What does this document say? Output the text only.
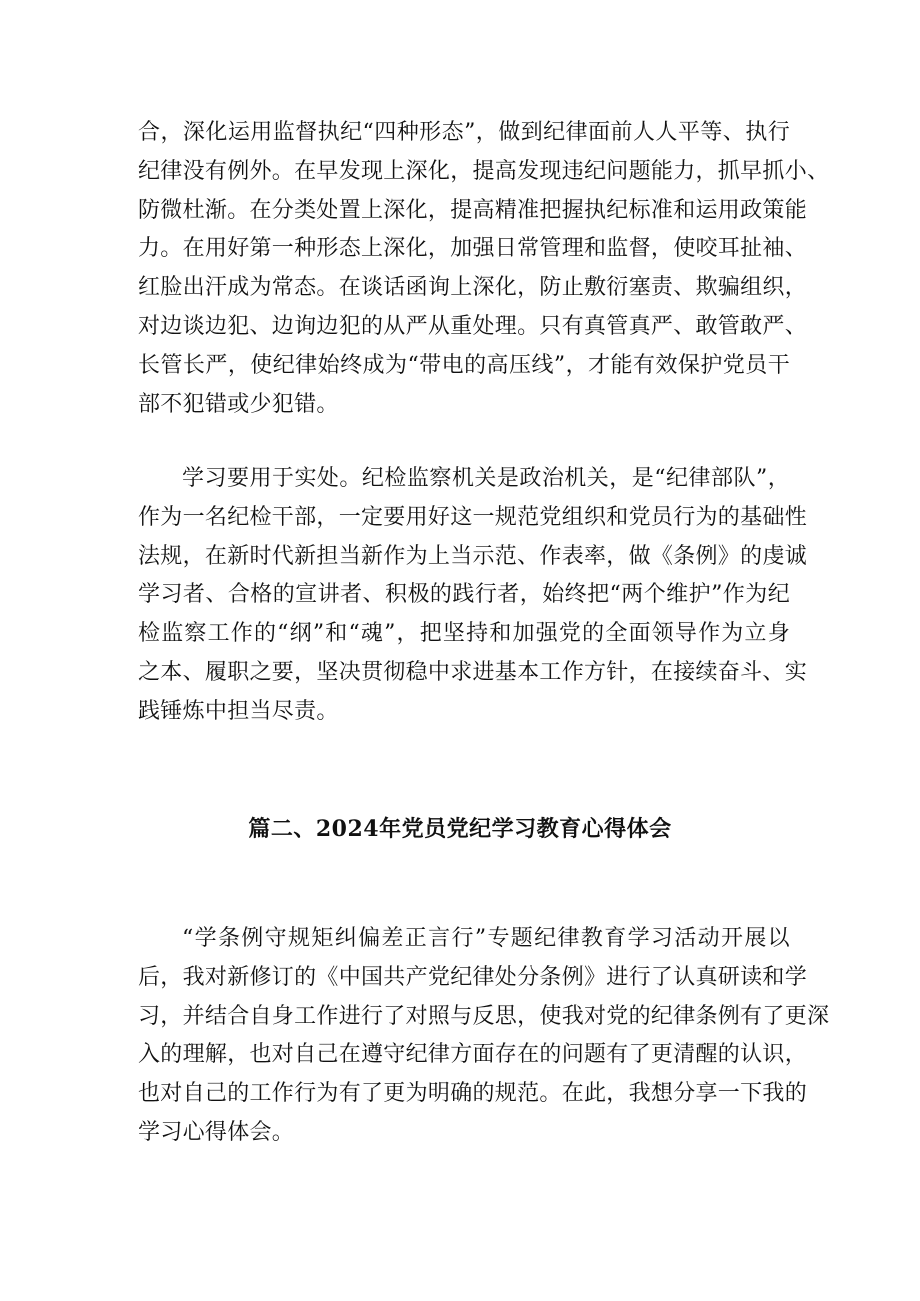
合，深化运用监督执纪“四种形态”，做到纪律面前人人平等、执行
纪律没有例外。在早发现上深化，提高发现违纪问题能力，抓早抓小、
防微杜渐。在分类处置上深化，提高精准把握执纪标准和运用政策能
力。在用好第一种形态上深化，加强日常管理和监督，使咬耳扯袖、
红脸出汗成为常态。在谈话函询上深化，防止敷衍塞责、欺骗组织，
对边谈边犯、边询边犯的从严从重处理。只有真管真严、敢管敢严、
长管长严，使纪律始终成为“带电的高压线”，才能有效保护党员干
部不犯错或少犯错。
学习要用于实处。纪检监察机关是政治机关，是“纪律部队”，
作为一名纪检干部，一定要用好这一规范党组织和党员行为的基础性
法规，在新时代新担当新作为上当示范、作表率，做《条例》的虔诚
学习者、合格的宣讲者、积极的践行者，始终把“两个维护”作为纪
检监察工作的“纲”和“魂”，把坚持和加强党的全面领导作为立身
之本、履职之要，坚决贯彻稳中求进基本工作方针，在接续奋斗、实
践锤炼中担当尽责。
篇二、2024年党员党纪学习教育心得体会
“学条例守规矩纠偏差正言行”专题纪律教育学习活动开展以
后，我对新修订的《中国共产党纪律处分条例》进行了认真研读和学
习，并结合自身工作进行了对照与反思，使我对党的纪律条例有了更深
入的理解，也对自己在遵守纪律方面存在的问题有了更清醒的认识，
也对自己的工作行为有了更为明确的规范。在此，我想分享一下我的
学习心得体会。
